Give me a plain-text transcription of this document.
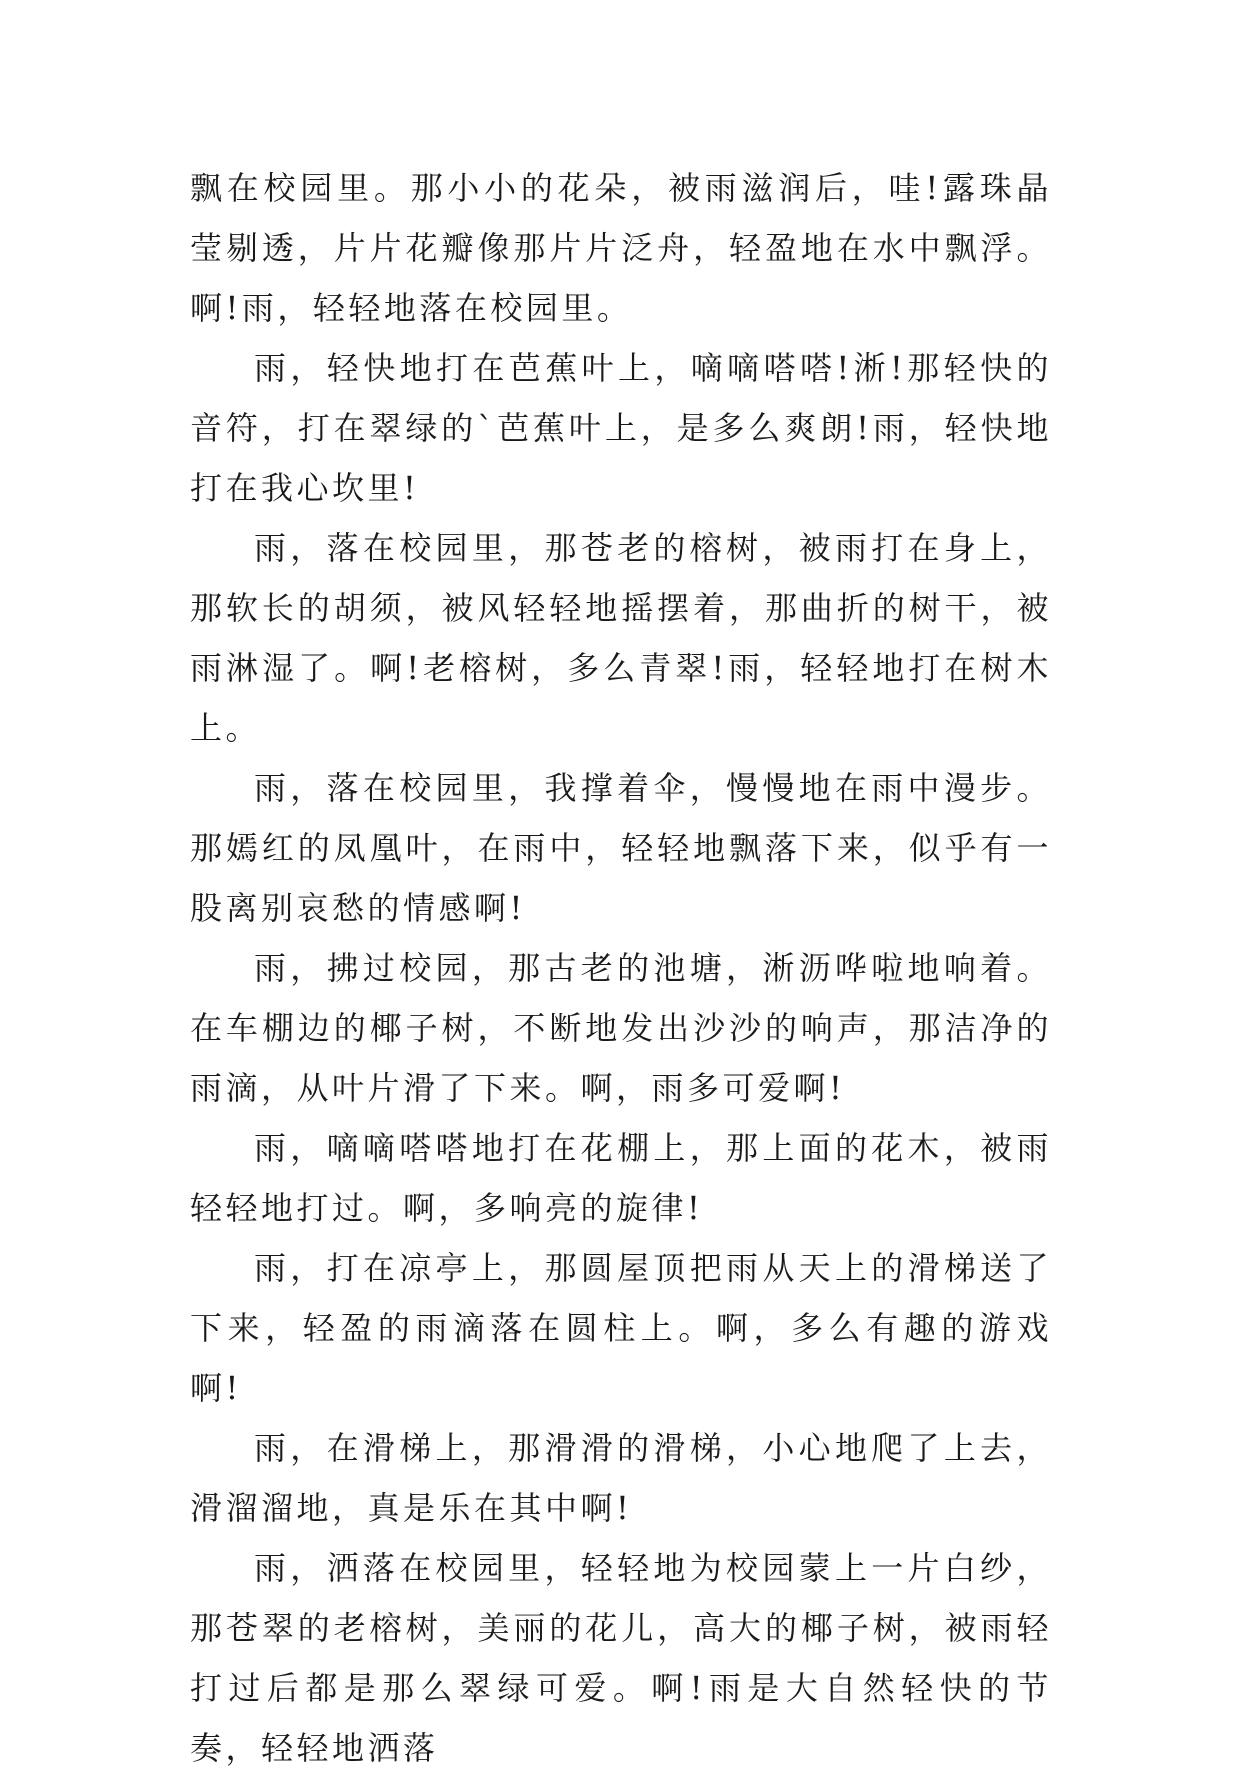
飘在校园里。那小小的花朵，被雨滋润后，哇!露珠晶莹剔透，片片花瓣像那片片泛舟，轻盈地在水中飘浮。啊!雨，轻轻地落在校园里。

雨，轻快地打在芭蕉叶上，嘀嘀嗒嗒!淅!那轻快的音符，打在翠绿的`芭蕉叶上，是多么爽朗!雨，轻快地打在我心坎里!

雨，落在校园里，那苍老的榕树，被雨打在身上，那软长的胡须，被风轻轻地摇摆着，那曲折的树干，被雨淋湿了。啊!老榕树，多么青翠!雨，轻轻地打在树木上。

雨，落在校园里，我撑着伞，慢慢地在雨中漫步。那嫣红的凤凰叶，在雨中，轻轻地飘落下来，似乎有一股离别哀愁的情感啊!

雨，拂过校园，那古老的池塘，淅沥哗啦地响着。在车棚边的椰子树，不断地发出沙沙的响声，那洁净的雨滴，从叶片滑了下来。啊，雨多可爱啊!

雨，嘀嘀嗒嗒地打在花棚上，那上面的花木，被雨轻轻地打过。啊，多响亮的旋律!

雨，打在凉亭上，那圆屋顶把雨从天上的滑梯送了下来，轻盈的雨滴落在圆柱上。啊，多么有趣的游戏啊!

雨，在滑梯上，那滑滑的滑梯，小心地爬了上去，滑溜溜地，真是乐在其中啊!

雨，洒落在校园里，轻轻地为校园蒙上一片白纱，那苍翠的老榕树，美丽的花儿，高大的椰子树，被雨轻打过后都是那么翠绿可爱。啊!雨是大自然轻快的节奏，轻轻地洒落
